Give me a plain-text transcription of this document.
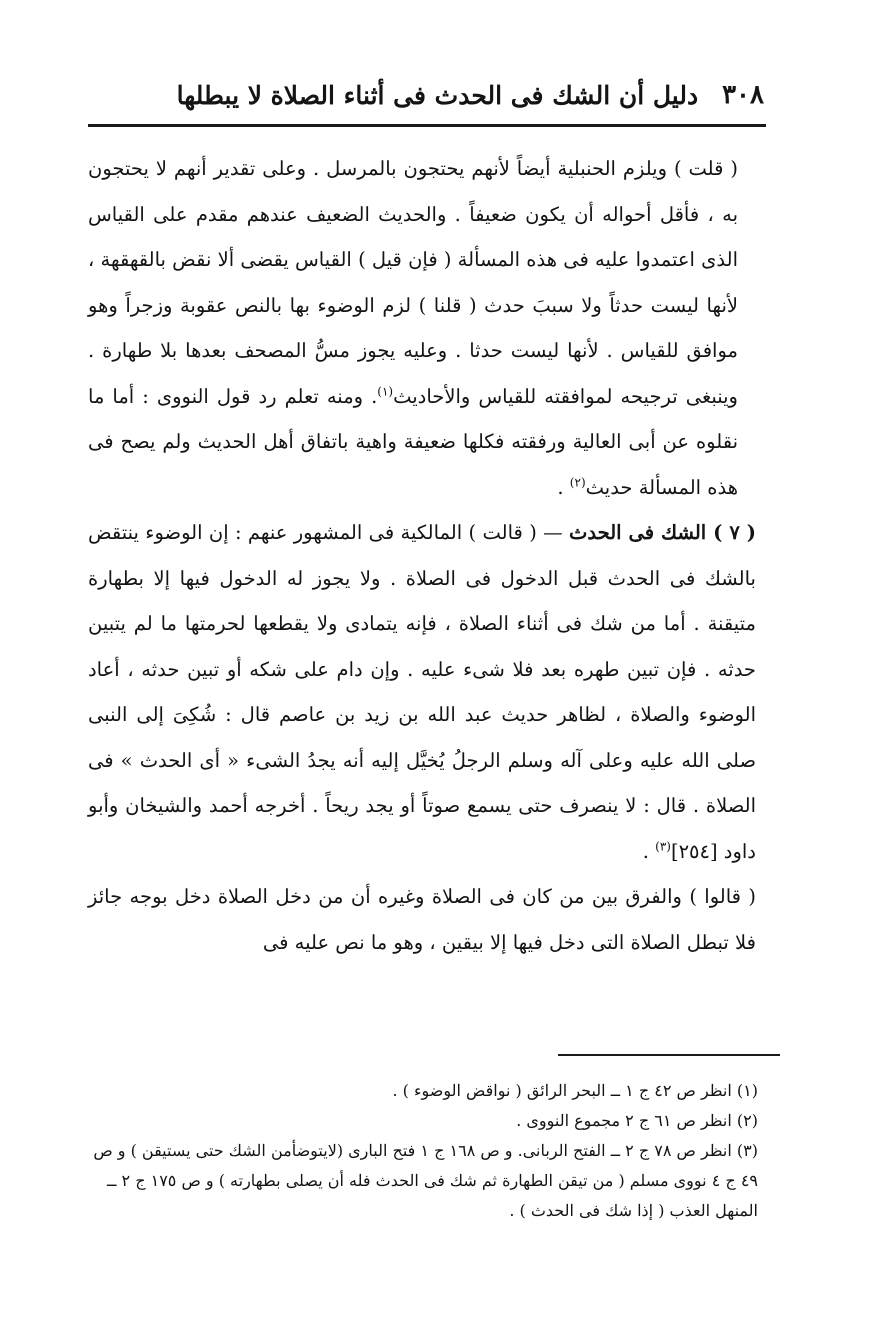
٣٠٨
دليل أن الشك فى الحدث فى أثناء الصلاة لا يبطلها

( قلت ) ويلزم الحنبلية أيضاً لأنهم يحتجون بالمرسل . وعلى تقدير أنهم لا يحتجون به ، فأقل أحواله أن يكون ضعيفاً . والحديث الضعيف عندهم مقدم على القياس الذى اعتمدوا عليه فى هذه المسألة ( فإن قيل ) القياس يقضى ألا نقض بالقهقهة ، لأنها ليست حدثاً ولا سببَ حدث ( قلنا ) لزم الوضوء بها بالنص عقوبة وزجراً وهو موافق للقياس . لأنها ليست حدثا . وعليه يجوز مسُّ المصحف بعدها بلا طهارة . وينبغى ترجيحه لموافقته للقياس والأحاديث$^{(١)}$. ومنه تعلم رد قول النووى : أما ما نقلوه عن أبى العالية ورفقته فكلها ضعيفة واهية باتفاق أهل الحديث ولم يصح فى هذه المسألة حديث$^{(٢)}$ .

( ٧ ) الشك فى الحدث — ( قالت ) المالكية فى المشهور عنهم : إن الوضوء ينتقض بالشك فى الحدث قبل الدخول فى الصلاة . ولا يجوز له الدخول فيها إلا بطهارة متيقنة . أما من شك فى أثناء الصلاة ، فإنه يتمادى ولا يقطعها لحرمتها ما لم يتبين حدثه . فإن تبين طهره بعد فلا شىء عليه . وإن دام على شكه أو تبين حدثه ، أعاد الوضوء والصلاة ، لظاهر حديث عبد الله بن زيد بن عاصم قال : شُكِىَ إلى النبى صلى الله عليه وعلى آله وسلم الرجلُ يُخيَّل إليه أنه يجدُ الشىء « أى الحدث » فى الصلاة . قال : لا ينصرف حتى يسمع صوتاً أو يجد ريحاً . أخرجه أحمد والشيخان وأبو داود [٢٥٤]$^{(٣)}$ .

( قالوا ) والفرق بين من كان فى الصلاة وغيره أن من دخل الصلاة دخل بوجه جائز فلا تبطل الصلاة التى دخل فيها إلا بيقين ، وهو ما نص عليه فى

(١) انظر ص ٤٢ ج ١ ــ البحر الرائق ( نواقض الوضوء ) .

(٢) انظر ص ٦١ ج ٢ مجموع النووى .

(٣) انظر ص ٧٨ ج ٢ ــ الفتح الربانى. و ص ١٦٨ ج ١ فتح البارى (لايتوضأمن الشك حتى يستيقن ) و ص ٤٩ ج ٤ نووى مسلم ( من تيقن الطهارة ثم شك فى الحدث فله أن يصلى بطهارته ) و ص ١٧٥ ج ٢ ــ المنهل العذب ( إذا شك فى الحدث ) .
